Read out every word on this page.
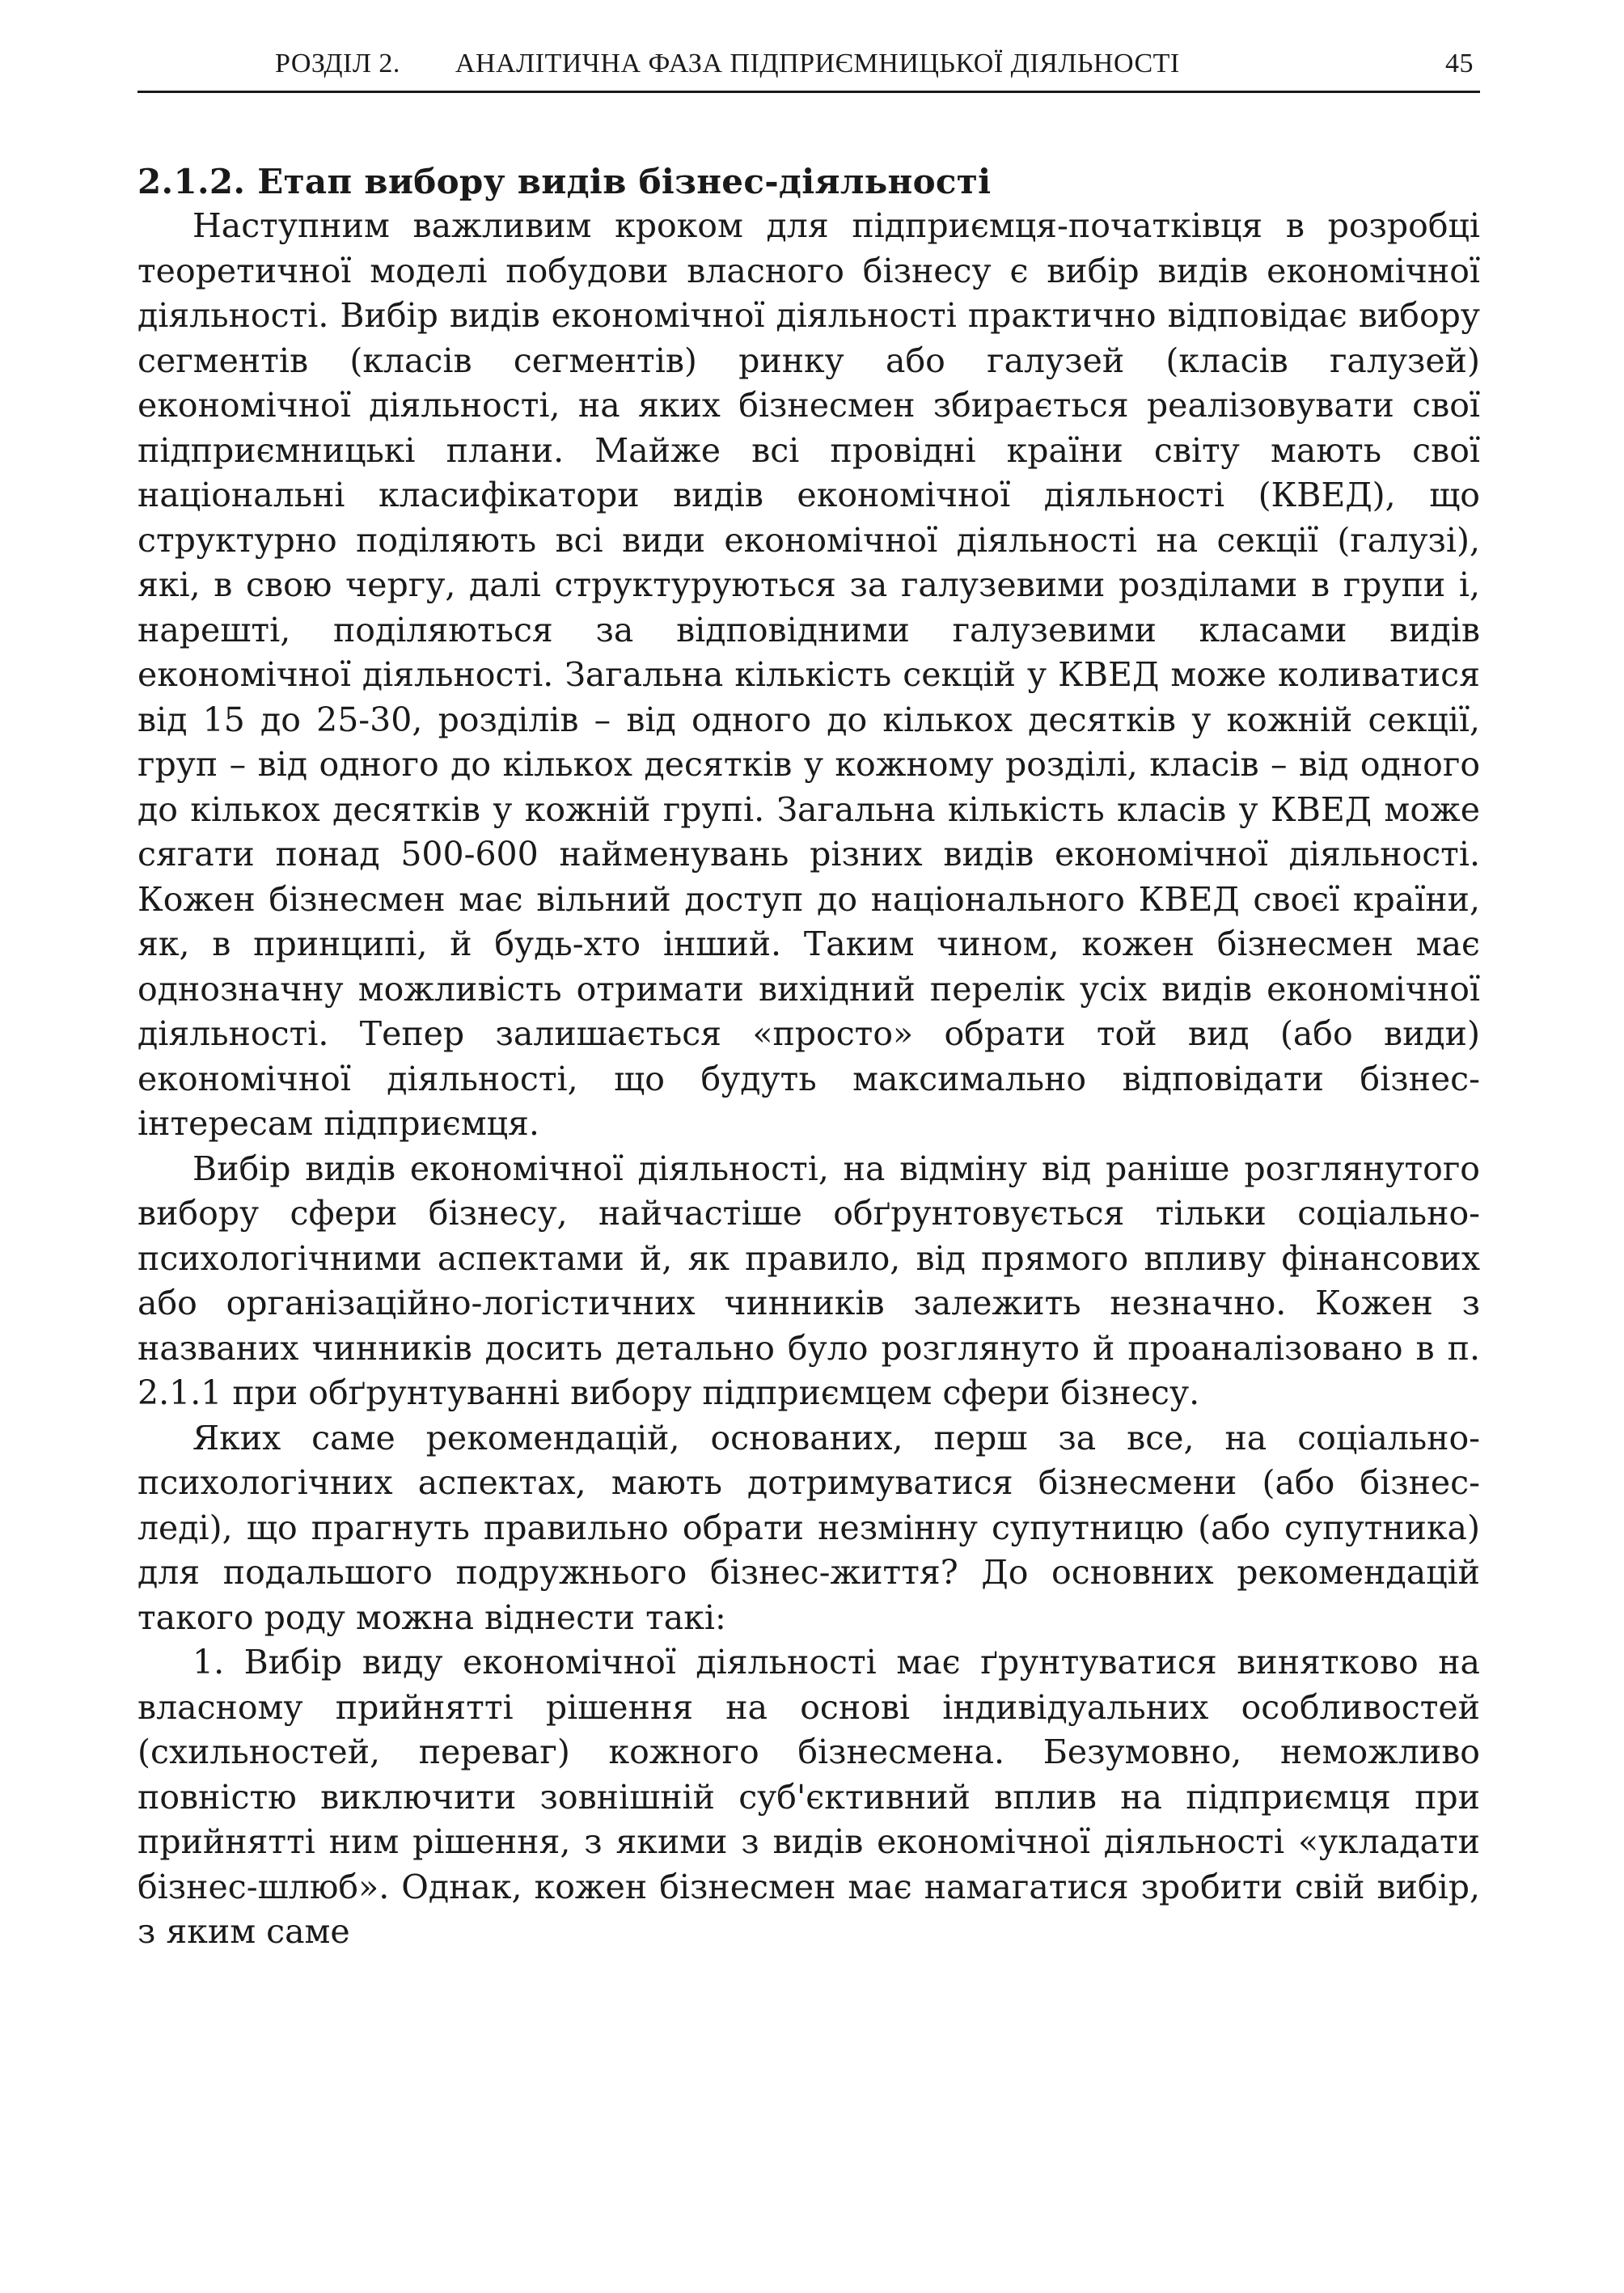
РОЗДІЛ 2. АНАЛІТИЧНА ФАЗА ПІДПРИЄМНИЦЬКОЇ ДІЯЛЬНОСТІ	45
2.1.2. Етап вибору видів бізнес-діяльності

Наступним важливим кроком для підприємця-початківця в розробці теоретичної моделі побудови власного бізнесу є вибір видів економічної діяльності. Вибір видів економічної діяльності практично відповідає вибору сегментів (класів сегментів) ринку або галузей (класів галузей) економічної діяльності, на яких бізнесмен збирається реалізовувати свої підприємницькі плани. Майже всі провідні країни світу мають свої національні класифікатори видів економічної діяльності (КВЕД), що структурно поділяють всі види економічної діяльності на секції (галузі), які, в свою чергу, далі структуруються за галузевими розділами в групи і, нарешті, поділяються за відповідними галузевими класами видів економічної діяльності. Загальна кількість секцій у КВЕД може коливатися від 15 до 25-30, розділів – від одного до кількох десятків у кожній секції, груп – від одного до кількох десятків у кожному розділі, класів – від одного до кількох десятків у кожній групі. Загальна кількість класів у КВЕД може сягати понад 500-600 найменувань різних видів економічної діяльності. Кожен бізнесмен має вільний доступ до національного КВЕД своєї країни, як, в принципі, й будь-хто інший. Таким чином, кожен бізнесмен має однозначну можливість отримати вихідний перелік усіх видів економічної діяльності. Тепер залишається «просто» обрати той вид (або види) економічної діяльності, що будуть максимально відповідати бізнес-інтересам підприємця.

Вибір видів економічної діяльності, на відміну від раніше розглянутого вибору сфери бізнесу, найчастіше обґрунтовується тільки соціально-психологічними аспектами й, як правило, від прямого впливу фінансових або організаційно-логістичних чинників залежить незначно. Кожен з названих чинників досить детально було розглянуто й проаналізовано в п. 2.1.1 при обґрунтуванні вибору підприємцем сфери бізнесу.

Яких саме рекомендацій, основаних, перш за все, на соціально-психологічних аспектах, мають дотримуватися бізнесмени (або бізнес-леді), що прагнуть правильно обрати незмінну супутницю (або супутника) для подальшого подружнього бізнес-життя? До основних рекомендацій такого роду можна віднести такі:

1. Вибір виду економічної діяльності має ґрунтуватися винятково на власному прийнятті рішення на основі індивідуальних особливостей (схильностей, переваг) кожного бізнесмена. Безумовно, неможливо повністю виключити зовнішній суб'єктивний вплив на підприємця при прийнятті ним рішення, з якими з видів економічної діяльності «укладати бізнес-шлюб». Однак, кожен бізнесмен має намагатися зробити свій вибір, з яким саме
